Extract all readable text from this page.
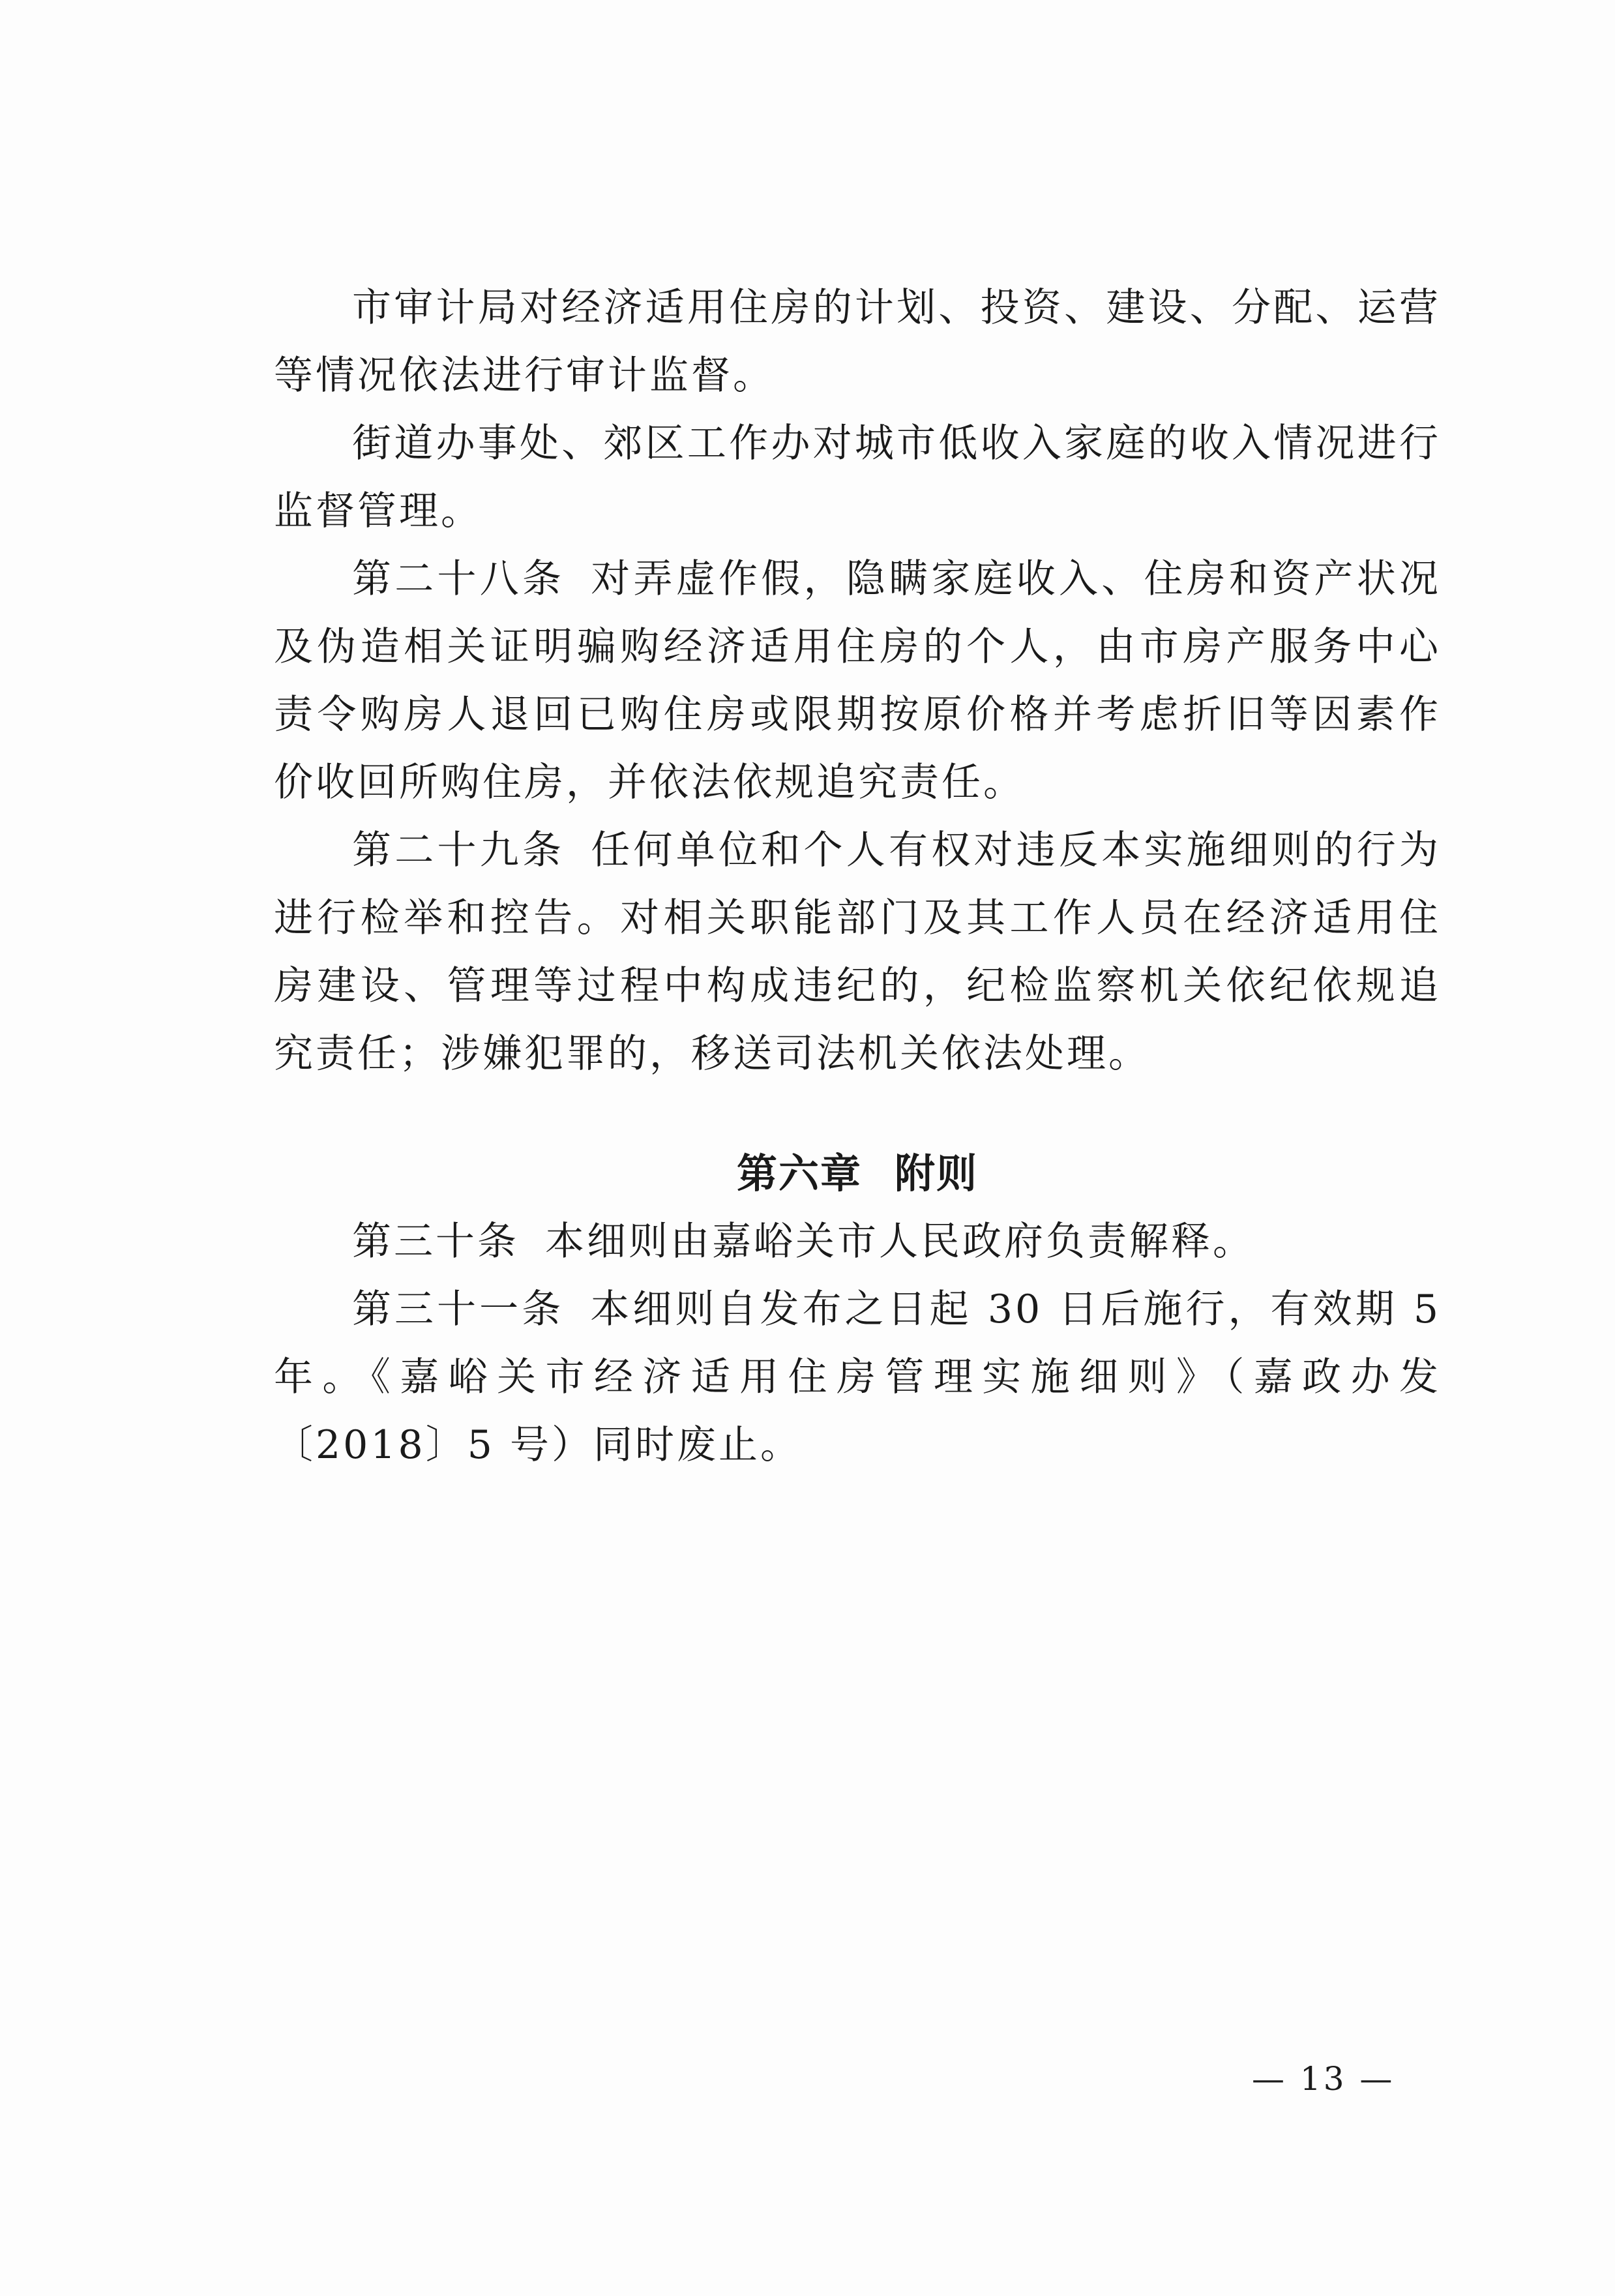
市审计局对经济适用住房的计划、投资、建设、分配、运营等情况依法进行审计监督。

街道办事处、郊区工作办对城市低收入家庭的收入情况进行监督管理。

第二十八条 对弄虚作假，隐瞒家庭收入、住房和资产状况及伪造相关证明骗购经济适用住房的个人，由市房产服务中心责令购房人退回已购住房或限期按原价格并考虑折旧等因素作价收回所购住房，并依法依规追究责任。

第二十九条 任何单位和个人有权对违反本实施细则的行为进行检举和控告。对相关职能部门及其工作人员在经济适用住房建设、管理等过程中构成违纪的，纪检监察机关依纪依规追究责任；涉嫌犯罪的，移送司法机关依法处理。

第六章 附则

第三十条 本细则由嘉峪关市人民政府负责解释。

第三十一条 本细则自发布之日起 30 日后施行，有效期 5 年。《嘉峪关市经济适用住房管理实施细则》（嘉政办发〔2018〕5 号）同时废止。

— 13 —
